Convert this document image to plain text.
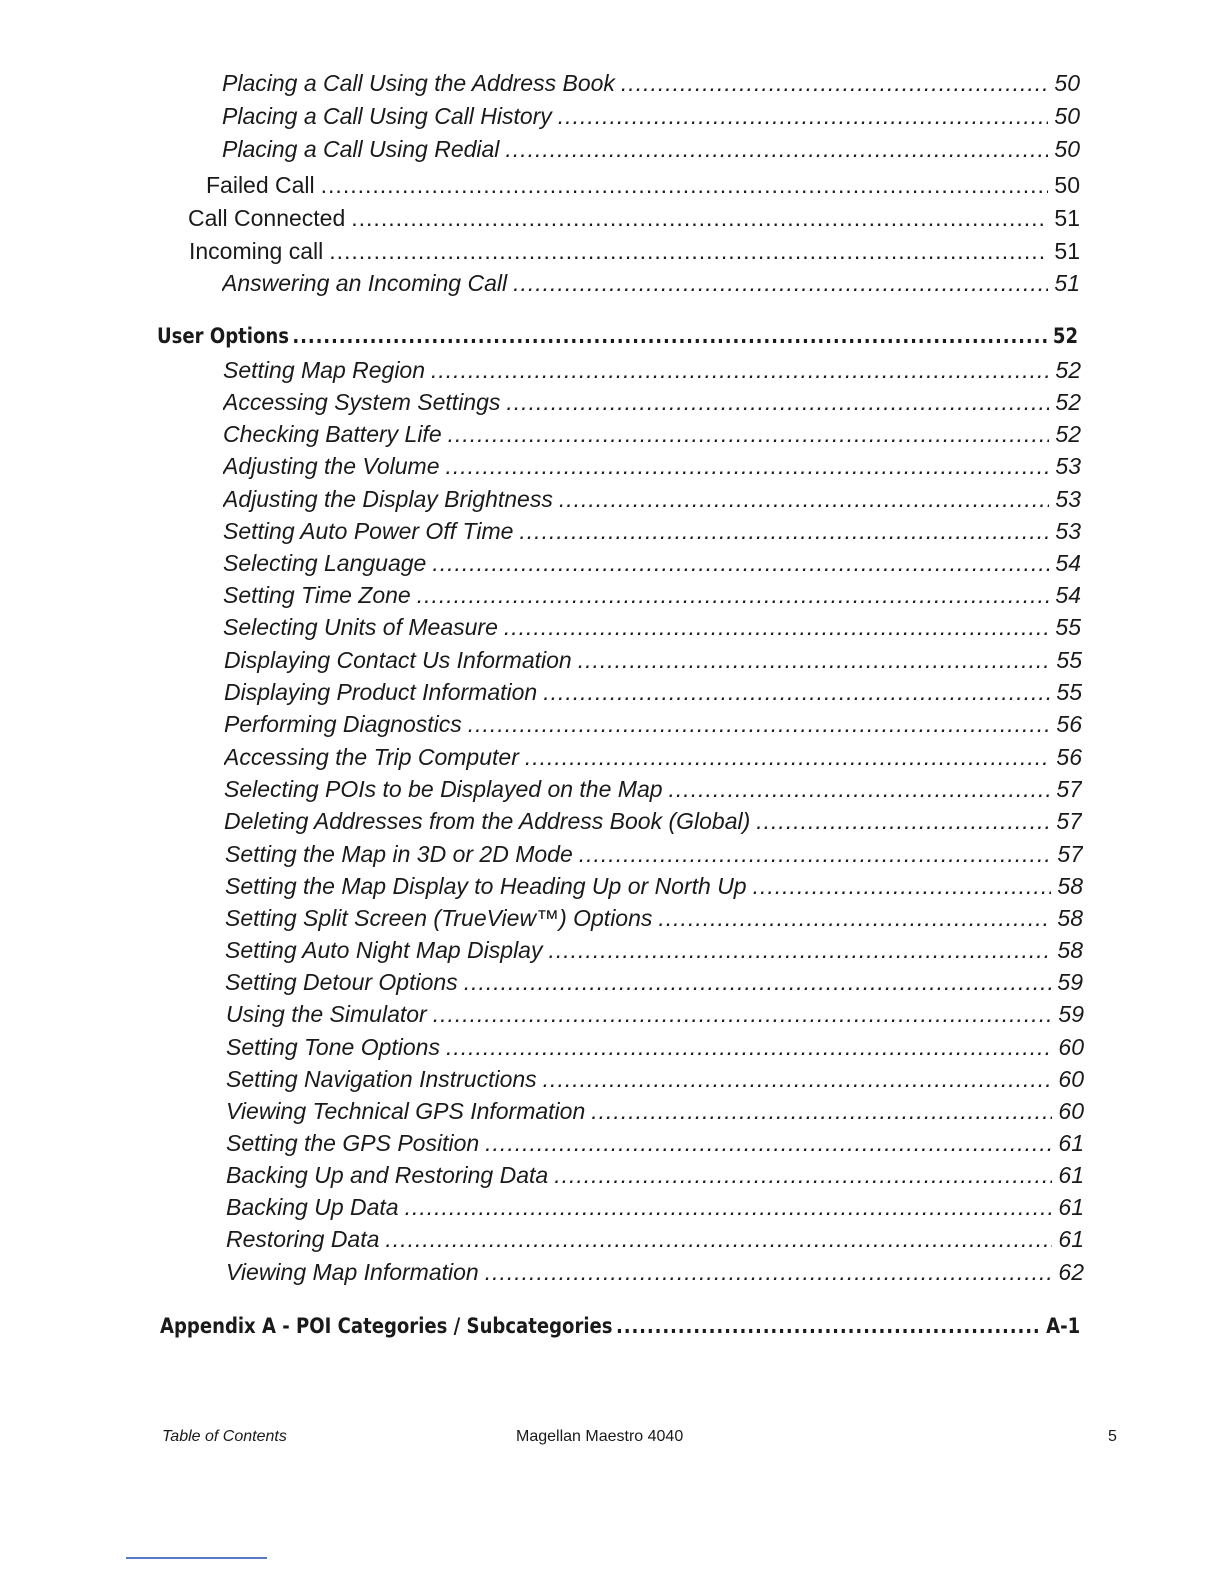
Placing a Call Using the Address Book .....	50
Placing a Call Using Call History .....	50
Placing a Call Using Redial .....	50
Failed Call .....	50
Call Connected .....	51
Incoming call .....	51
Answering an Incoming Call .....	51
User Options .....	52
Setting Map Region .....	52
Accessing System Settings .....	52
Checking Battery Life .....	52
Adjusting the Volume .....	53
Adjusting the Display Brightness .....	53
Setting Auto Power Off Time .....	53
Selecting Language .....	54
Setting Time Zone .....	54
Selecting Units of Measure .....	55
Displaying Contact Us Information .....	55
Displaying Product Information .....	55
Performing Diagnostics .....	56
Accessing the Trip Computer .....	56
Selecting POIs to be Displayed on the Map .....	57
Deleting Addresses from the Address Book (Global) .....	57
Setting the Map in 3D or 2D Mode .....	57
Setting the Map Display to Heading Up or North Up .....	58
Setting Split Screen (TrueView™) Options .....	58
Setting Auto Night Map Display .....	58
Setting Detour Options .....	59
Using the Simulator .....	59
Setting Tone Options .....	60
Setting Navigation Instructions .....	60
Viewing Technical GPS Information .....	60
Setting the GPS Position .....	61
Backing Up and Restoring Data .....	61
Backing Up Data .....	61
Restoring Data .....	61
Viewing Map Information .....	62
Appendix A - POI Categories / Subcategories .....	A-1
Table of Contents	Magellan Maestro 4040	5
